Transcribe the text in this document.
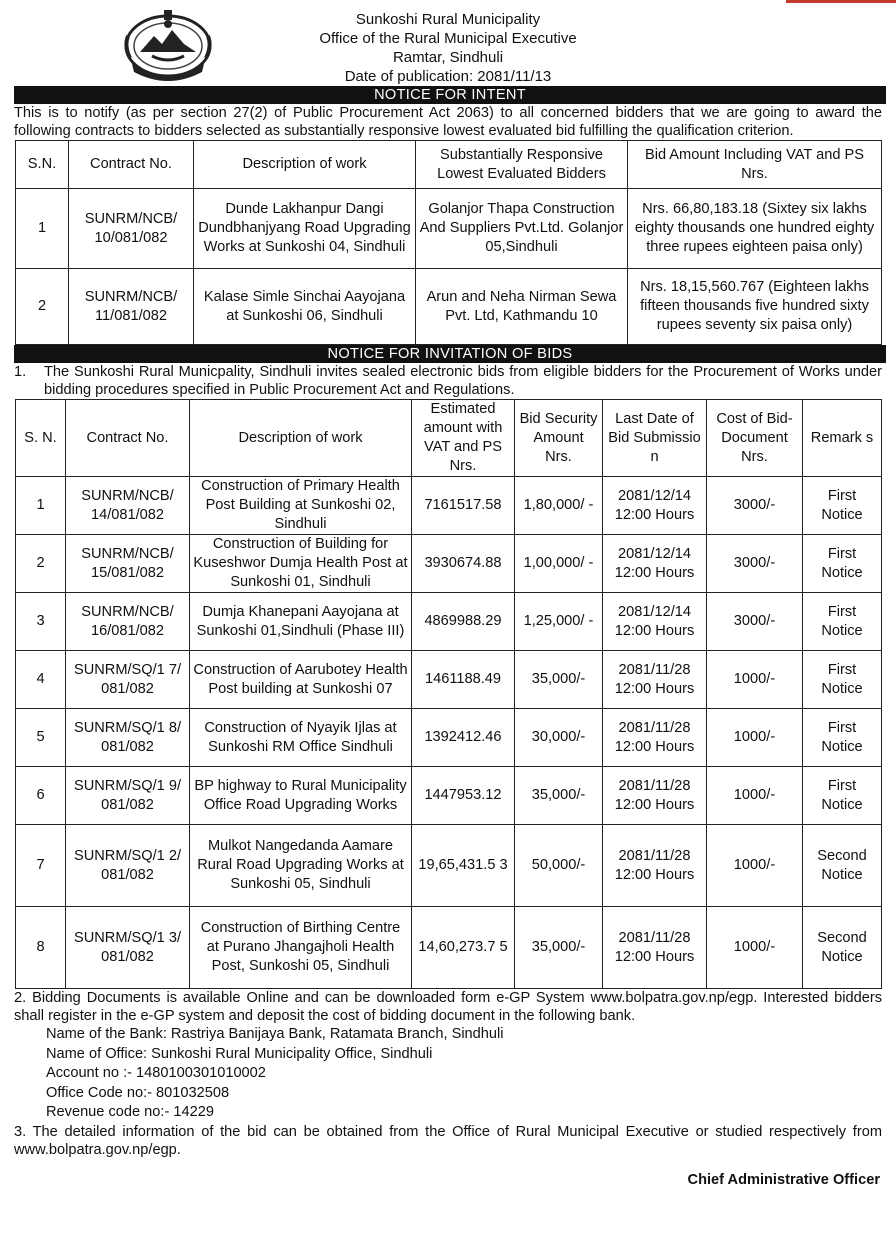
Sunkoshi Rural Municipality
Office of the Rural Municipal Executive
Ramtar, Sindhuli
Date of publication: 2081/11/13
NOTICE FOR INTENT
This is to notify (as per section 27(2) of Public Procurement Act 2063) to all concerned bidders that we are going to award the following contracts to bidders selected as substantially responsive lowest evaluated bid fulfilling the qualification criterion.
S.N.	Contract No.	Description of work	Substantially Responsive Lowest Evaluated Bidders	Bid Amount Including VAT and PS Nrs.
1	SUNRM/NCB/ 10/081/082	Dunde Lakhanpur Dangi Dundbhanjyang Road Upgrading Works at Sunkoshi 04, Sindhuli	Golanjor Thapa Construction And Suppliers Pvt.Ltd. Golanjor 05,Sindhuli	Nrs. 66,80,183.18 (Sixtey six lakhs eighty thousands one hundred eighty three rupees eighteen paisa only)
2	SUNRM/NCB/ 11/081/082	Kalase Simle Sinchai Aayojana at Sunkoshi 06, Sindhuli	Arun and Neha Nirman Sewa Pvt. Ltd, Kathmandu 10	Nrs. 18,15,560.767 (Eighteen lakhs fifteen thousands five hundred sixty rupees seventy six paisa only)
NOTICE FOR INVITATION OF BIDS
1.	The Sunkoshi Rural Municpality, Sindhuli invites sealed electronic bids from eligible bidders for the Procurement of Works under bidding procedures specified in Public Procurement Act and Regulations.
S. N.	Contract No.	Description of work	Estimated amount with VAT and PS Nrs.	Bid Security Amount Nrs.	Last Date of Bid Submissio n	Cost of Bid-Document Nrs.	Remark s
1	SUNRM/NCB/ 14/081/082	Construction of Primary Health Post Building at Sunkoshi 02, Sindhuli	7161517.58	1,80,000/ -	2081/12/14 12:00 Hours	3000/-	First Notice
2	SUNRM/NCB/ 15/081/082	Construction of Building for Kuseshwor Dumja Health Post at Sunkoshi 01, Sindhuli	3930674.88	1,00,000/ -	2081/12/14 12:00 Hours	3000/-	First Notice
3	SUNRM/NCB/ 16/081/082	Dumja Khanepani Aayojana at Sunkoshi 01,Sindhuli (Phase III)	4869988.29	1,25,000/ -	2081/12/14 12:00 Hours	3000/-	First Notice
4	SUNRM/SQ/1 7/ 081/082	Construction of Aarubotey Health Post building at Sunkoshi 07	1461188.49	35,000/-	2081/11/28 12:00 Hours	1000/-	First Notice
5	SUNRM/SQ/1 8/ 081/082	Construction of Nyayik Ijlas at Sunkoshi RM Office Sindhuli	1392412.46	30,000/-	2081/11/28 12:00 Hours	1000/-	First Notice
6	SUNRM/SQ/1 9/ 081/082	BP highway to Rural Municipality Office Road Upgrading Works	1447953.12	35,000/-	2081/11/28 12:00 Hours	1000/-	First Notice
7	SUNRM/SQ/1 2/ 081/082	Mulkot Nangedanda Aamare Rural Road Upgrading Works at Sunkoshi 05, Sindhuli	19,65,431.5 3	50,000/-	2081/11/28 12:00 Hours	1000/-	Second Notice
8	SUNRM/SQ/1 3/ 081/082	Construction of Birthing Centre at Purano Jhangajholi Health Post, Sunkoshi 05, Sindhuli	14,60,273.7 5	35,000/-	2081/11/28 12:00 Hours	1000/-	Second Notice
2. Bidding Documents is available Online and can be downloaded form e-GP System www.bolpatra.gov.np/egp. Interested bidders shall register in the e-GP system and deposit the cost of bidding document in the following bank.
Name of the Bank: Rastriya Banijaya Bank, Ratamata Branch, Sindhuli
Name of Office: Sunkoshi Rural Municipality Office, Sindhuli
Account no :- 1480100301010002
Office Code no:- 801032508
Revenue code no:- 14229
3. The detailed information of the bid can be obtained from the Office of Rural Municipal Executive or studied respectively from www.bolpatra.gov.np/egp.
Chief Administrative Officer
